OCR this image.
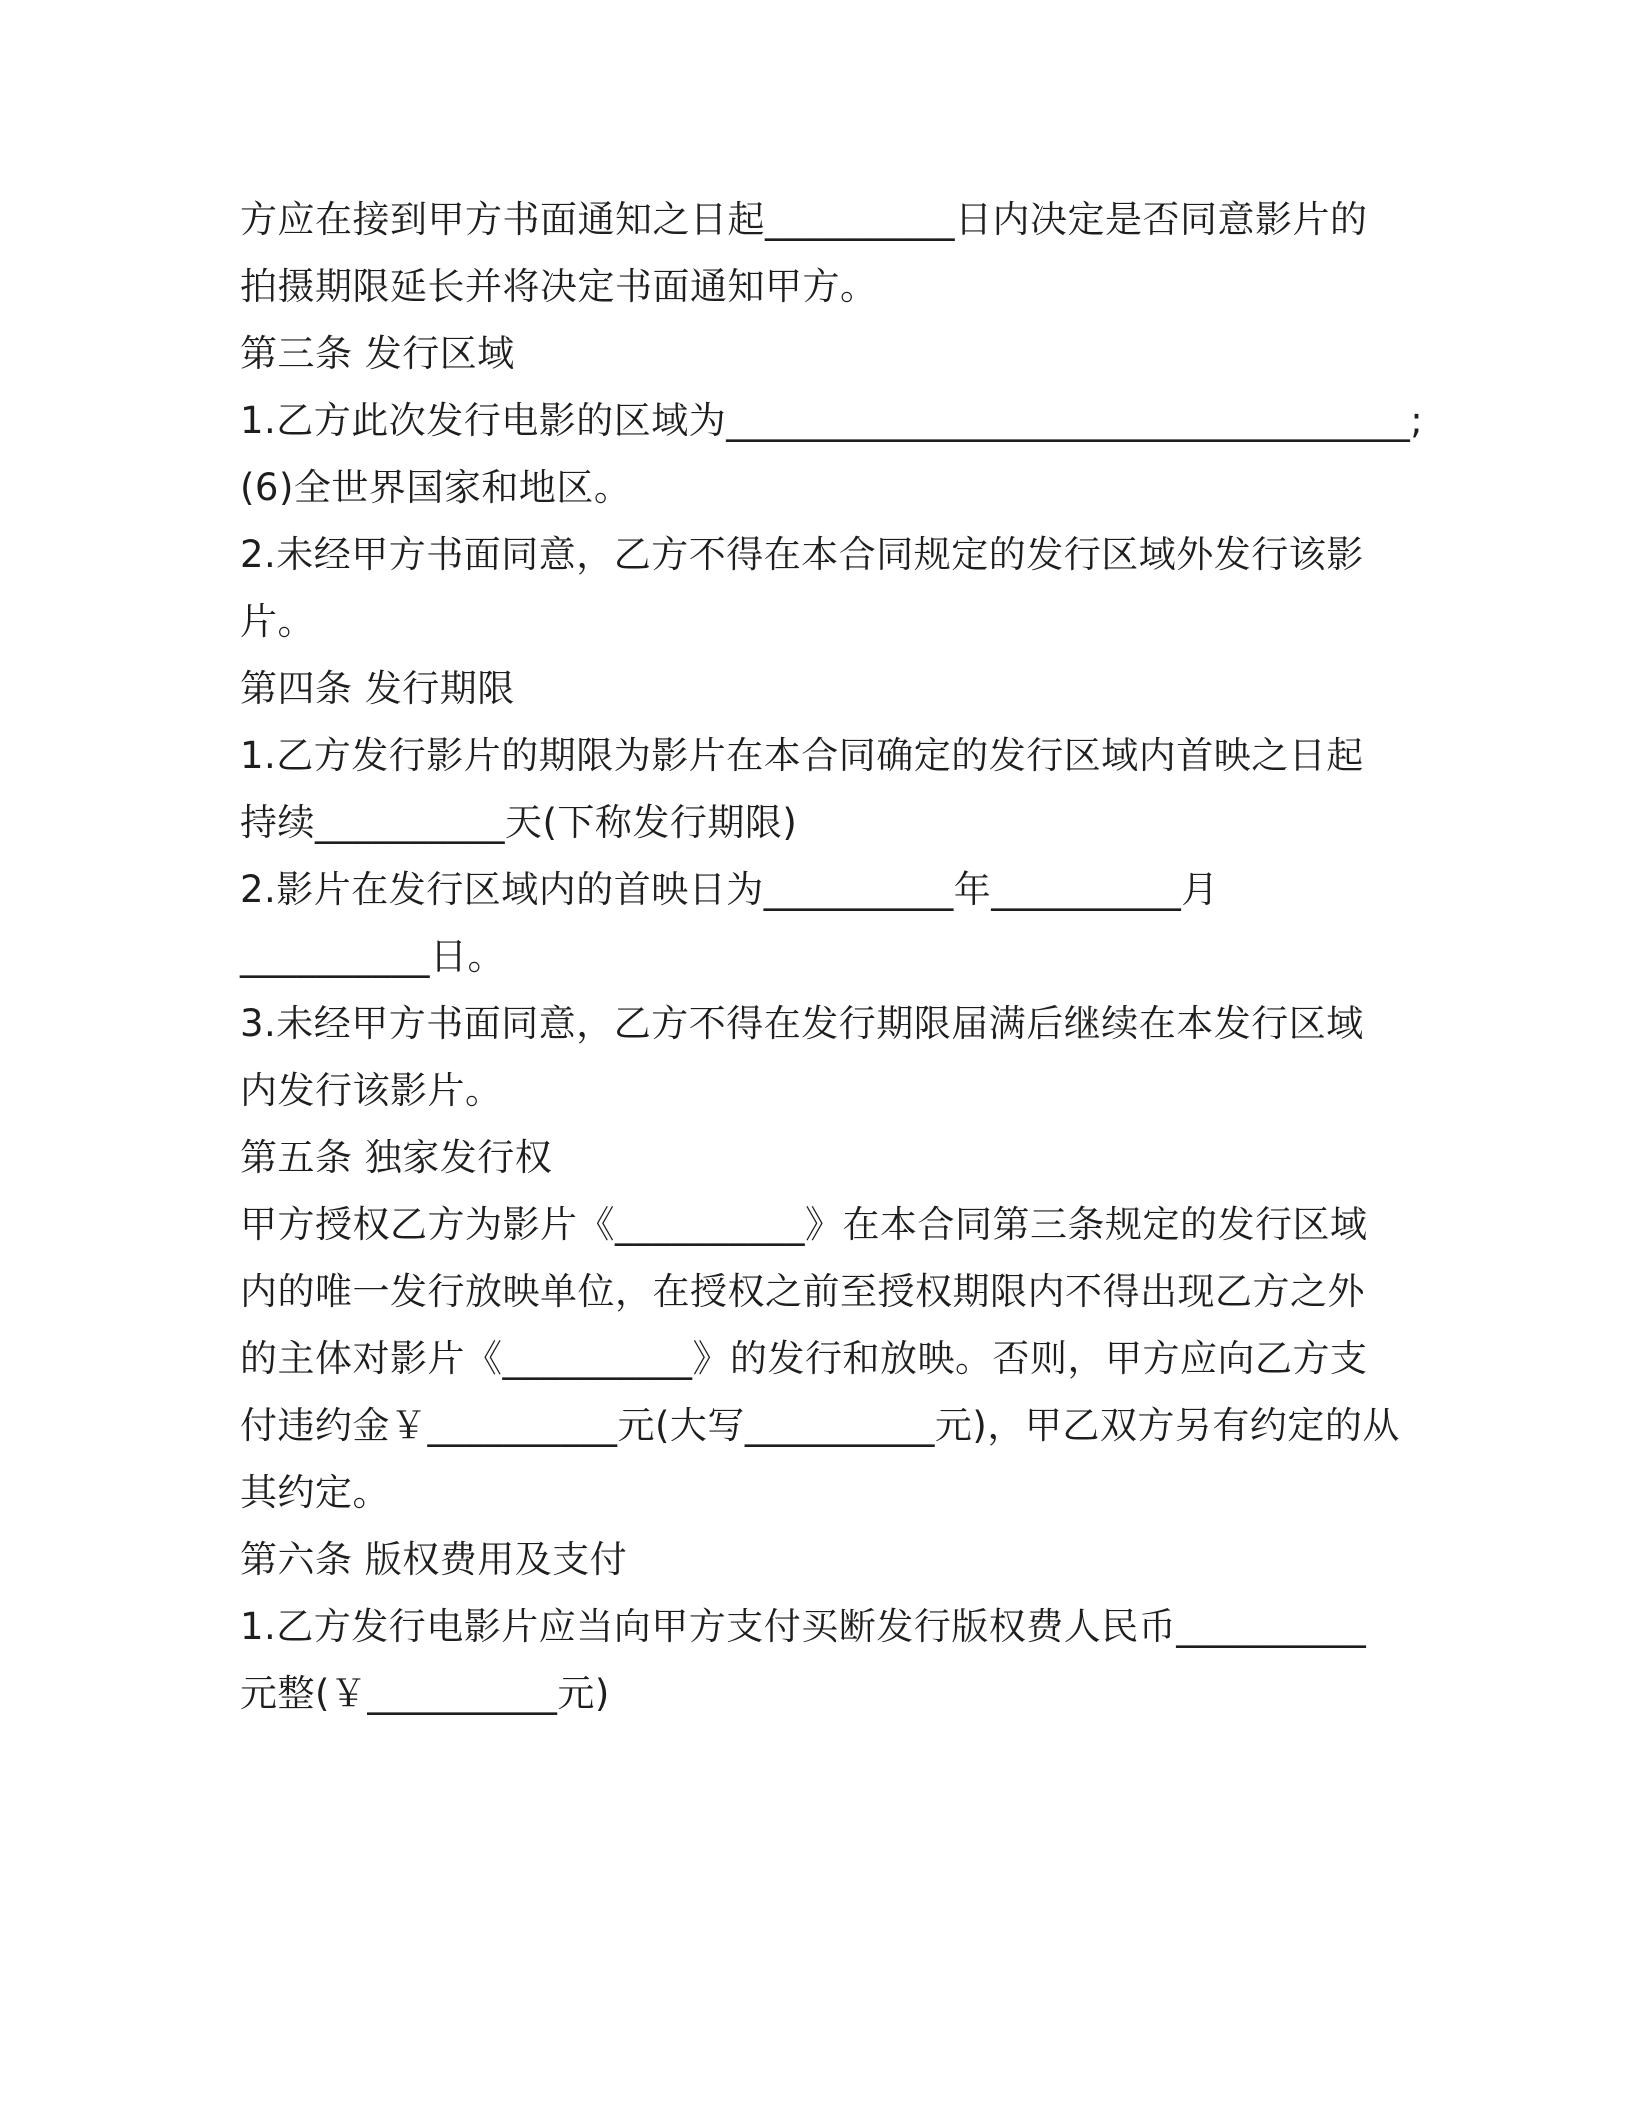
方应在接到甲方书面通知之日起__________日内决定是否同意影片的
拍摄期限延长并将决定书面通知甲方。
第三条 发行区域
1.乙方此次发行电影的区域为____________________________________;
(6)全世界国家和地区。
2.未经甲方书面同意，乙方不得在本合同规定的发行区域外发行该影
片。
第四条 发行期限
1.乙方发行影片的期限为影片在本合同确定的发行区域内首映之日起
持续__________天(下称发行期限)
2.影片在发行区域内的首映日为__________年__________月
__________日。
3.未经甲方书面同意，乙方不得在发行期限届满后继续在本发行区域
内发行该影片。
第五条 独家发行权
甲方授权乙方为影片《__________》在本合同第三条规定的发行区域
内的唯一发行放映单位，在授权之前至授权期限内不得出现乙方之外
的主体对影片《__________》的发行和放映。否则，甲方应向乙方支
付违约金￥__________元(大写__________元)，甲乙双方另有约定的从
其约定。
第六条 版权费用及支付
1.乙方发行电影片应当向甲方支付买断发行版权费人民币__________
元整(￥__________元)
